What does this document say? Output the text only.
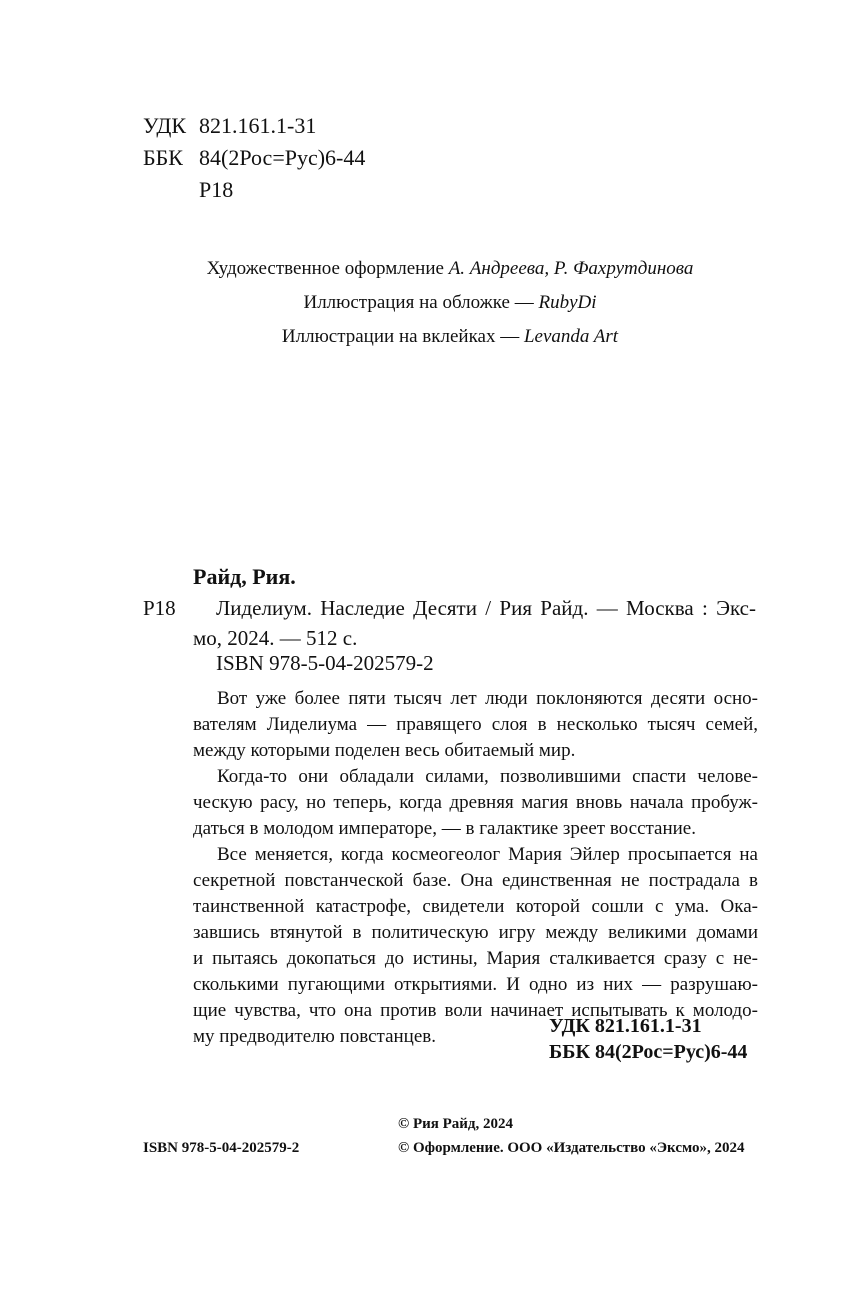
УДК 821.161.1-31
ББК 84(2Рос=Рус)6-44
Р18
Художественное оформление А. Андреева, Р. Фахрутдинова
Иллюстрация на обложке — RubyDi
Иллюстрации на вклейках — Levanda Art
Райд, Рия.
Р18 Лиделиум. Наследие Десяти / Рия Райд. — Москва : Экс-
мо, 2024. — 512 с.
ISBN 978-5-04-202579-2
Вот уже более пяти тысяч лет люди поклоняются десяти осно-
вателям Лиделиума — правящего слоя в несколько тысяч семей,
между которыми поделен весь обитаемый мир.
Когда-то они обладали силами, позволившими спасти челове-
ческую расу, но теперь, когда древняя магия вновь начала пробуж-
даться в молодом императоре, — в галактике зреет восстание.
Все меняется, когда космеогеолог Мария Эйлер просыпается на
секретной повстанческой базе. Она единственная не пострадала в
таинственной катастрофе, свидетели которой сошли с ума. Ока-
завшись втянутой в политическую игру между великими домами
и пытаясь докопаться до истины, Мария сталкивается сразу с не-
сколькими пугающими открытиями. И одно из них — разрушаю-
щие чувства, что она против воли начинает испытывать к молодо-
му предводителю повстанцев.	УДК 821.161.1-31
ББК 84(2Рос=Рус)6-44
© Рия Райд, 2024
ISBN 978-5-04-202579-2	© Оформление. ООО «Издательство «Эксмо», 2024
